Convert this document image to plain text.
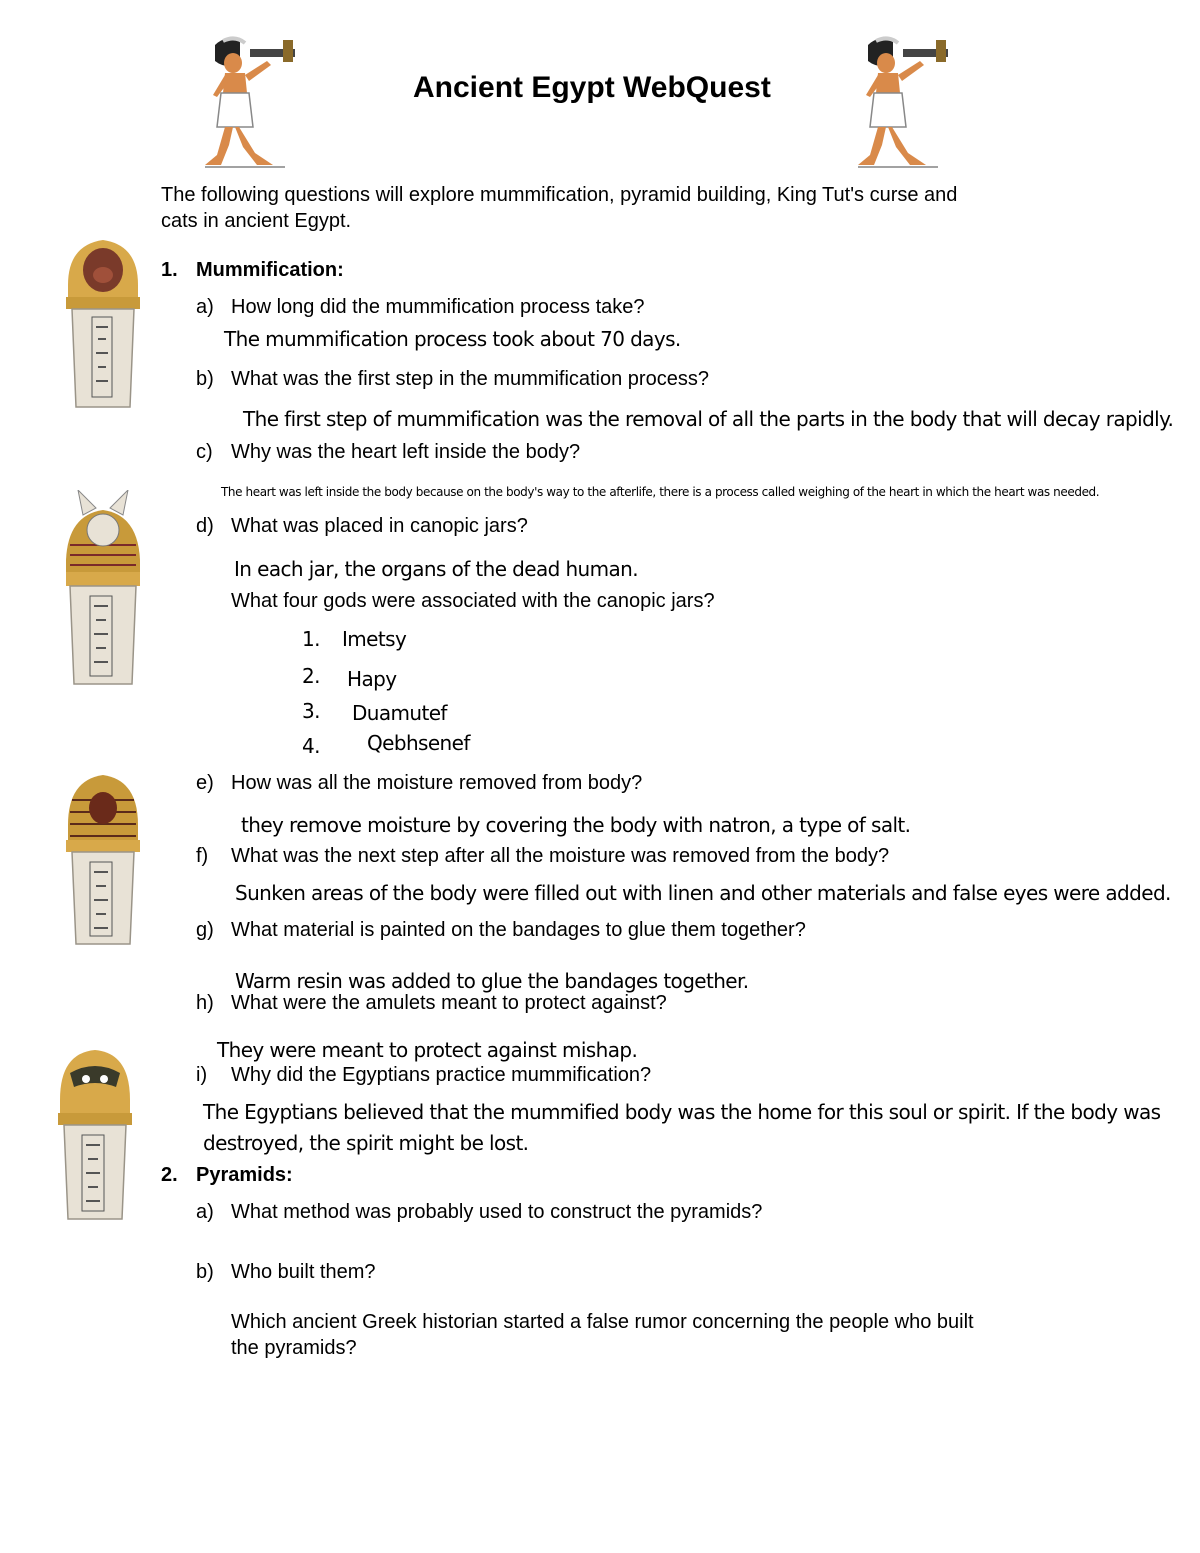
Ancient Egypt WebQuest
The following questions will explore mummification, pyramid building, King Tut's curse and
cats in ancient Egypt.
1. Mummification:
a) How long did the mummification process take?
The mummification process took about 70 days.
b) What was the first step in the mummification process?
The first step of mummification was the removal of all the parts in the body that will decay rapidly.
c) Why was the heart left inside the body?
The heart was left inside the body because on the body's way to the afterlife, there is a process called weighing of the heart in which the heart was needed.
d) What was placed in canopic jars?
In each jar, the organs of the dead human.
What four gods were associated with the canopic jars?
1. Imetsy
2. Hapy
3. Duamutef
4. Qebhsenef
e) How was all the moisture removed from body?
they remove moisture by covering the body with natron, a type of salt.
f) What was the next step after all the moisture was removed from the body?
Sunken areas of the body were filled out with linen and other materials and false eyes were added.
g) What material is painted on the bandages to glue them together?
Warm resin was added to glue the bandages together.
h) What were the amulets meant to protect against?
They were meant to protect against mishap.
i) Why did the Egyptians practice mummification?
The Egyptians believed that the mummified body was the home for this soul or spirit. If the body was
destroyed, the spirit might be lost.
2. Pyramids:
a) What method was probably used to construct the pyramids?
b) Who built them?
Which ancient Greek historian started a false rumor concerning the people who built
the pyramids?
